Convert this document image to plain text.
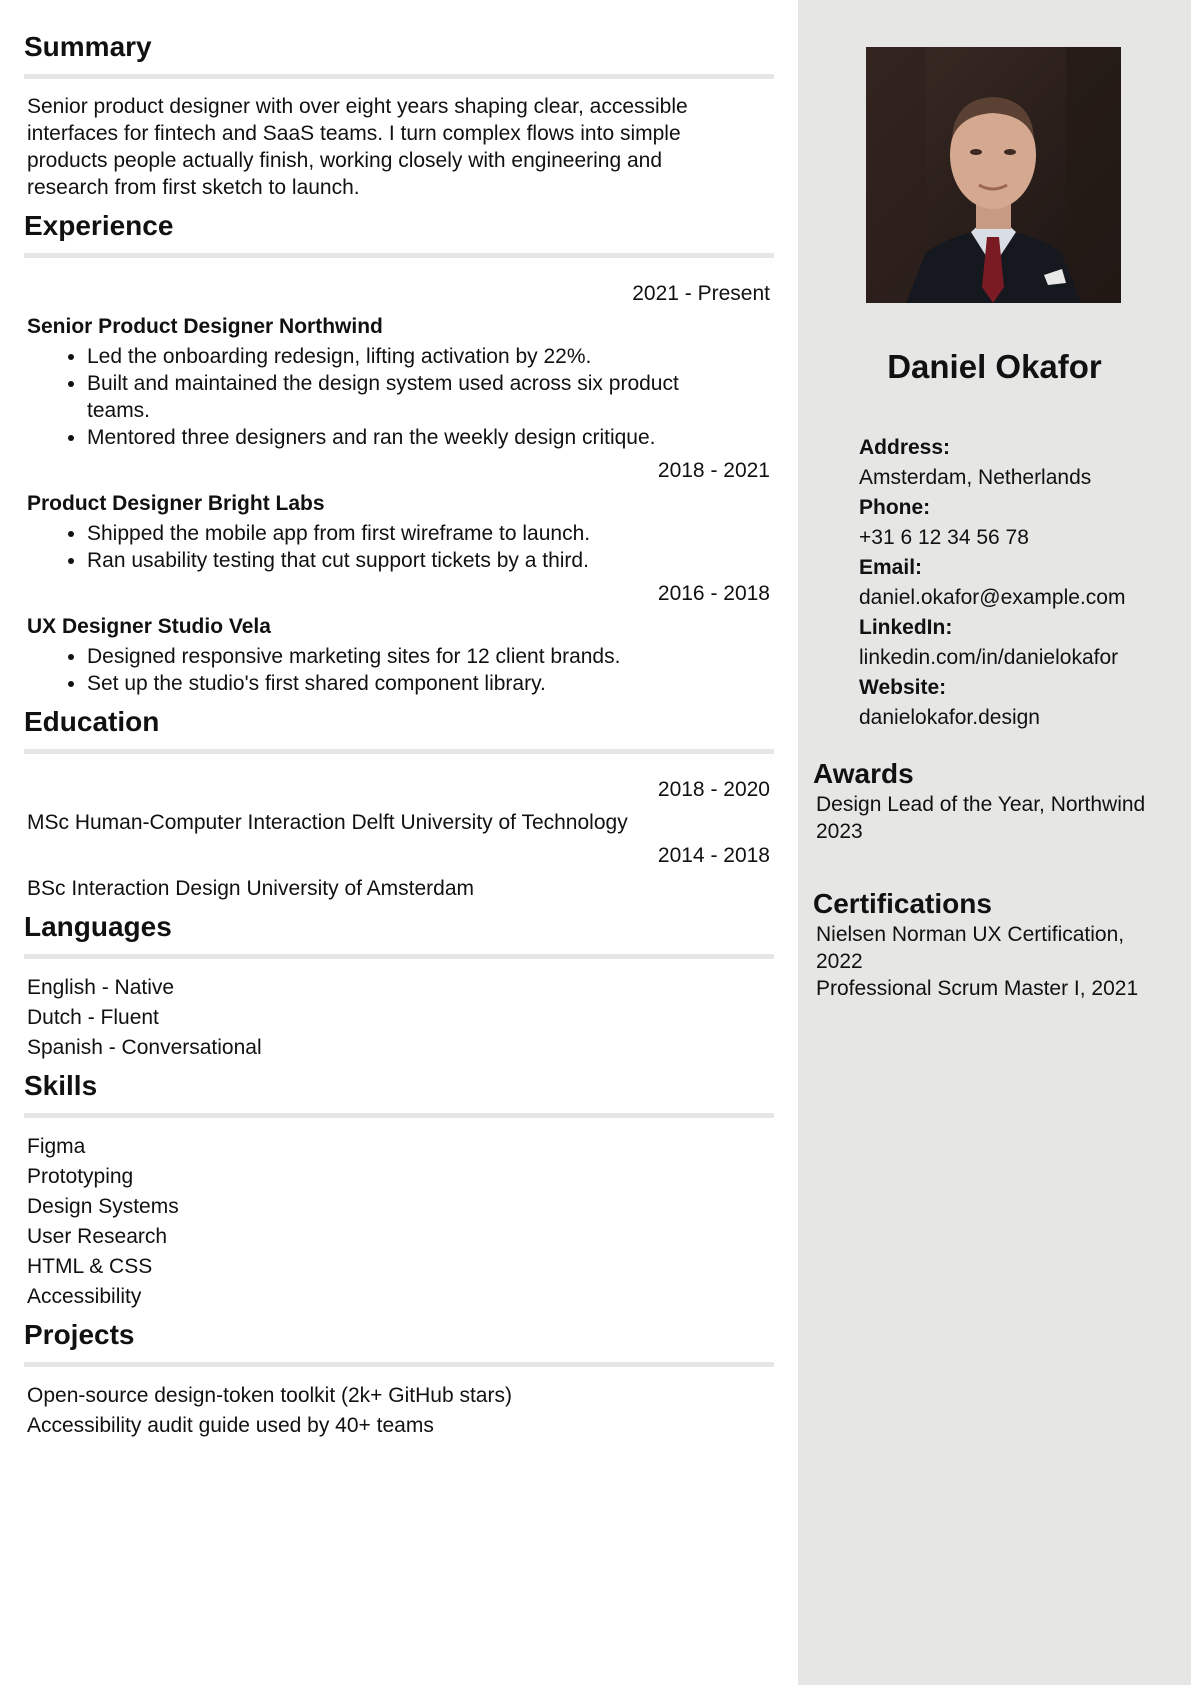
Summary
Senior product designer with over eight years shaping clear, accessible interfaces for fintech and SaaS teams. I turn complex flows into simple products people actually finish, working closely with engineering and research from first sketch to launch.
Experience
2021 - Present
Senior Product Designer Northwind
• Led the onboarding redesign, lifting activation by 22%.
• Built and maintained the design system used across six product teams.
• Mentored three designers and ran the weekly design critique.
2018 - 2021
Product Designer Bright Labs
• Shipped the mobile app from first wireframe to launch.
• Ran usability testing that cut support tickets by a third.
2016 - 2018
UX Designer Studio Vela
• Designed responsive marketing sites for 12 client brands.
• Set up the studio's first shared component library.
Education
2018 - 2020
MSc Human-Computer Interaction Delft University of Technology
2014 - 2018
BSc Interaction Design University of Amsterdam
Languages
English - Native
Dutch - Fluent
Spanish - Conversational
Skills
Figma
Prototyping
Design Systems
User Research
HTML & CSS
Accessibility
Projects
Open-source design-token toolkit (2k+ GitHub stars)
Accessibility audit guide used by 40+ teams
Daniel Okafor
Address:
Amsterdam, Netherlands
Phone:
+31 6 12 34 56 78
Email:
daniel.okafor@example.com
LinkedIn:
linkedin.com/in/danielokafor
Website:
danielokafor.design
Awards
Design Lead of the Year, Northwind 2023
Certifications
Nielsen Norman UX Certification, 2022
Professional Scrum Master I, 2021
